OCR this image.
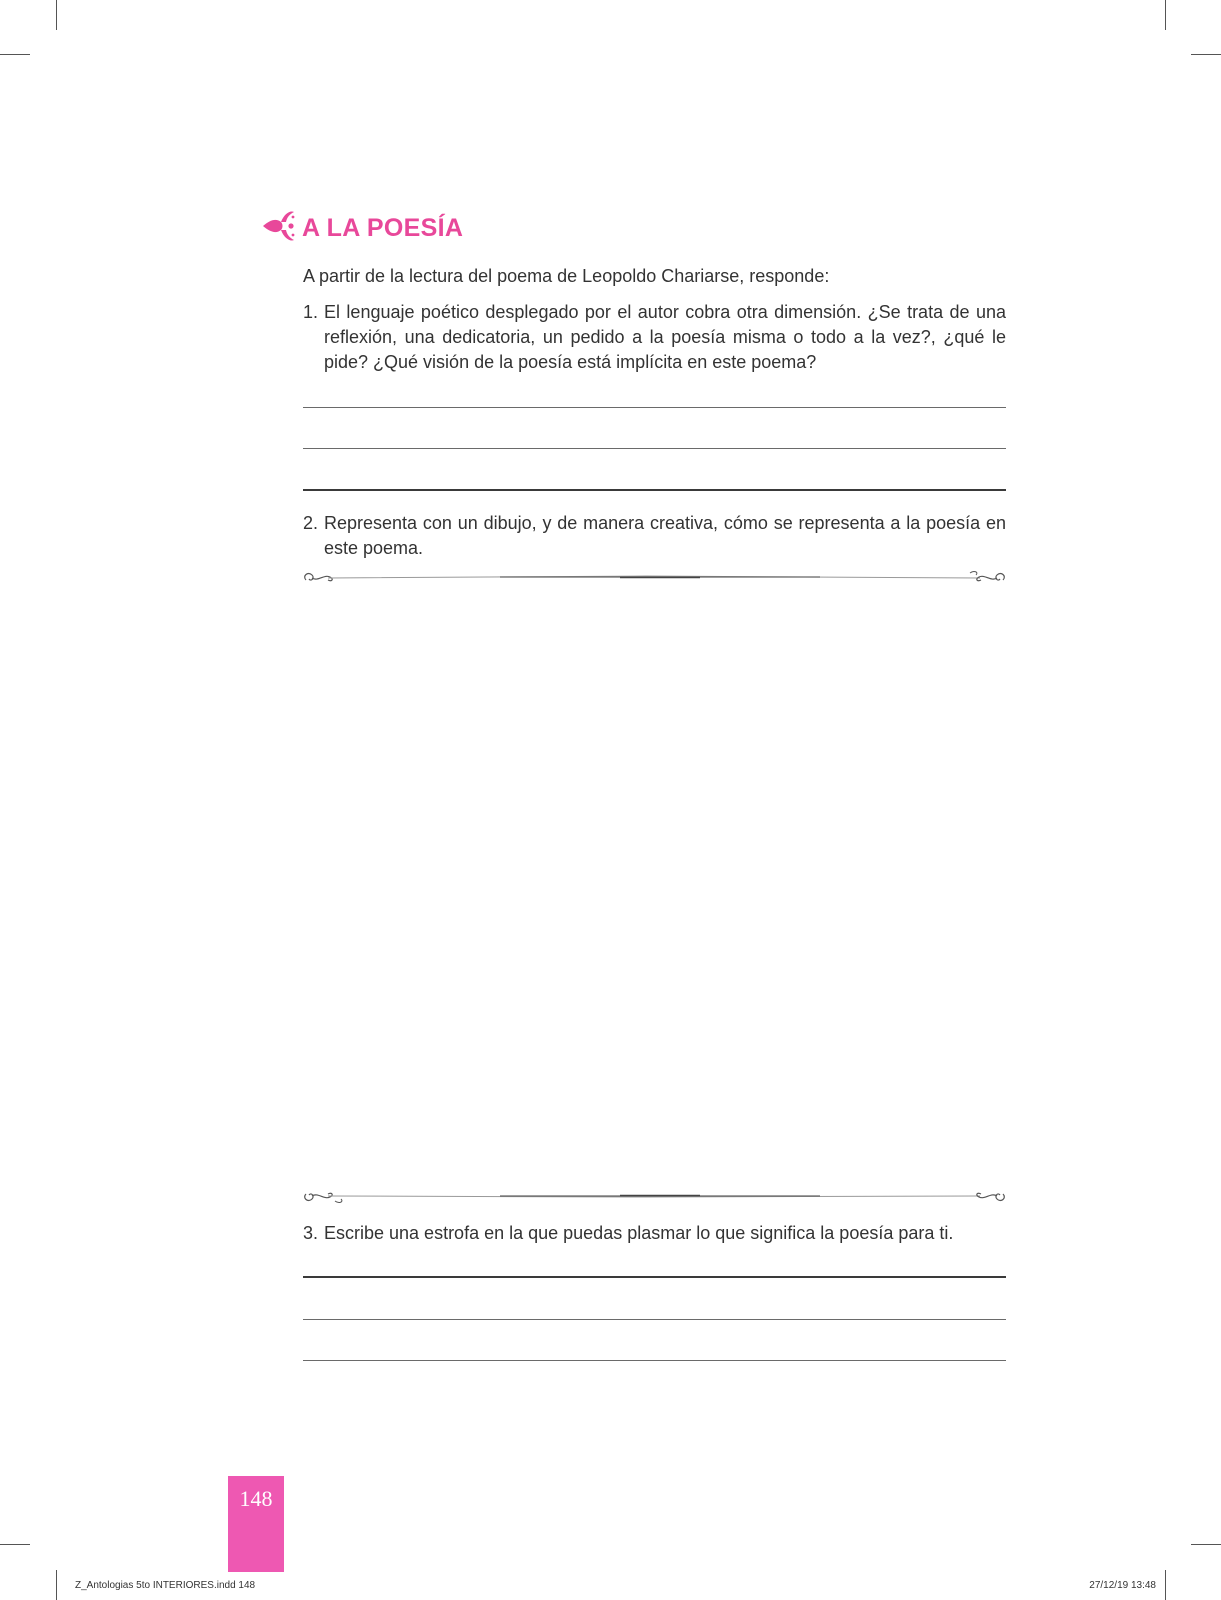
A LA POESÍA
A partir de la lectura del poema de Leopoldo Chariarse, responde:
1. El lenguaje poético desplegado por el autor cobra otra dimensión. ¿Se trata de una reflexión, una dedicatoria, un pedido a la poesía misma o todo a la vez?, ¿qué le pide? ¿Qué visión de la poesía está implícita en este poema?
2. Representa con un dibujo, y de manera creativa, cómo se representa a la poesía en este poema.
3. Escribe una estrofa en la que puedas plasmar lo que significa la poesía para ti.
148
Z_Antologias 5to INTERIORES.indd 148	27/12/19 13:48
